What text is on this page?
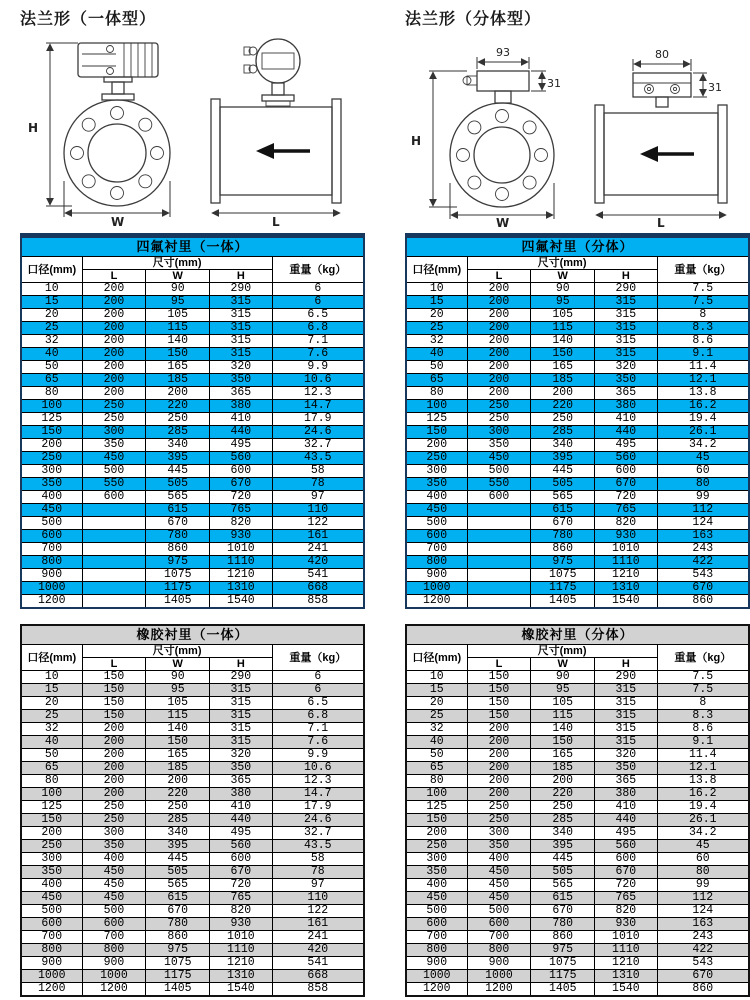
法兰形（一体型）	法兰形（分体型）
H
W	L
93
31
H
W
80
31
L
四氟衬里（一体）				
口径(mm)	尺寸(mm)			重量（kg）
	L	W	H	
10	200	90	290	6
15	200	95	315	6
20	200	105	315	6.5
25	200	115	315	6.8
32	200	140	315	7.1
40	200	150	315	7.6
50	200	165	320	9.9
65	200	185	350	10.6
80	200	200	365	12.3
100	250	220	380	14.7
125	250	250	410	17.9
150	300	285	440	24.6
200	350	340	495	32.7
250	450	395	560	43.5
300	500	445	600	58
350	550	505	670	78
400	600	565	720	97
450		615	765	110
500		670	820	122
600		780	930	161
700		860	1010	241
800		975	1110	420
900		1075	1210	541
1000		1175	1310	668
1200		1405	1540	858
四氟衬里（分体）				
口径(mm)	尺寸(mm)			重量（kg）
	L	W	H	
10	200	90	290	7.5
15	200	95	315	7.5
20	200	105	315	8
25	200	115	315	8.3
32	200	140	315	8.6
40	200	150	315	9.1
50	200	165	320	11.4
65	200	185	350	12.1
80	200	200	365	13.8
100	250	220	380	16.2
125	250	250	410	19.4
150	300	285	440	26.1
200	350	340	495	34.2
250	450	395	560	45
300	500	445	600	60
350	550	505	670	80
400	600	565	720	99
450		615	765	112
500		670	820	124
600		780	930	163
700		860	1010	243
800		975	1110	422
900		1075	1210	543
1000		1175	1310	670
1200		1405	1540	860
橡胶衬里（一体）				
口径(mm)	尺寸(mm)			重量（kg）
	L	W	H	
10	150	90	290	6
15	150	95	315	6
20	150	105	315	6.5
25	150	115	315	6.8
32	200	140	315	7.1
40	200	150	315	7.6
50	200	165	320	9.9
65	200	185	350	10.6
80	200	200	365	12.3
100	200	220	380	14.7
125	250	250	410	17.9
150	250	285	440	24.6
200	300	340	495	32.7
250	350	395	560	43.5
300	400	445	600	58
350	450	505	670	78
400	450	565	720	97
450	450	615	765	110
500	500	670	820	122
600	600	780	930	161
700	700	860	1010	241
800	800	975	1110	420
900	900	1075	1210	541
1000	1000	1175	1310	668
1200	1200	1405	1540	858
橡胶衬里（分体）				
口径(mm)	尺寸(mm)			重量（kg）
	L	W	H	
10	150	90	290	7.5
15	150	95	315	7.5
20	150	105	315	8
25	150	115	315	8.3
32	200	140	315	8.6
40	200	150	315	9.1
50	200	165	320	11.4
65	200	185	350	12.1
80	200	200	365	13.8
100	200	220	380	16.2
125	250	250	410	19.4
150	250	285	440	26.1
200	300	340	495	34.2
250	350	395	560	45
300	400	445	600	60
350	450	505	670	80
400	450	565	720	99
450	450	615	765	112
500	500	670	820	124
600	600	780	930	163
700	700	860	1010	243
800	800	975	1110	422
900	900	1075	1210	543
1000	1000	1175	1310	670
1200	1200	1405	1540	860
